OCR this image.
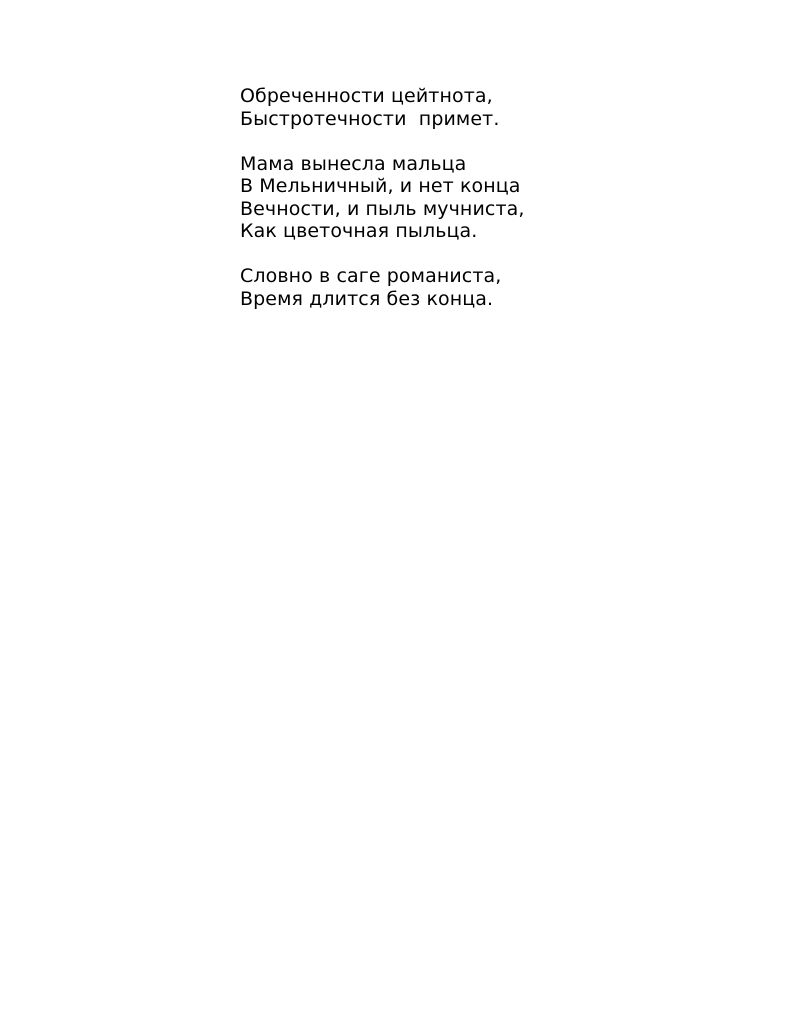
Обреченности цейтнота,
Быстротечности  примет.
Мама вынесла мальца
В Мельничный, и нет конца
Вечности, и пыль мучниста,
Как цветочная пыльца.
Словно в саге романиста,
Время длится без конца.
